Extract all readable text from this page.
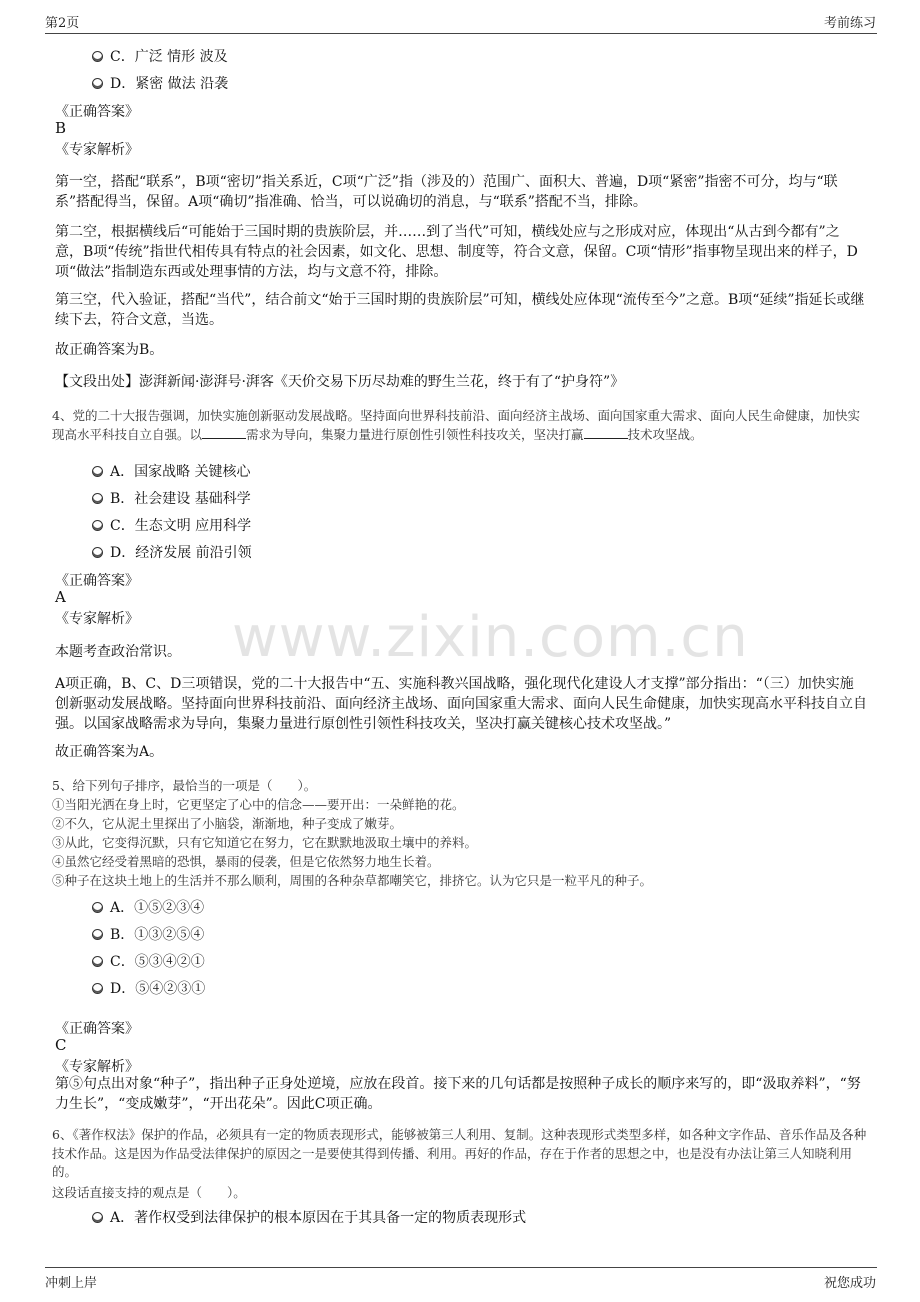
第2页	考前练习
冲刺上岸	祝您成功
www.zixin.com.cn
C．广泛 情形 波及
D．紧密 做法 沿袭
《正确答案》
B
《专家解析》
第一空，搭配“联系”，B项“密切”指关系近，C项“广泛”指（涉及的）范围广、面积大、普遍，D项“紧密”指密不可分，均与“联系”搭配得当，保留。A项“确切”指准确、恰当，可以说确切的消息，与“联系”搭配不当，排除。
第二空，根据横线后“可能始于三国时期的贵族阶层，并……到了当代”可知，横线处应与之形成对应，体现出“从古到今都有”之意，B项“传统”指世代相传具有特点的社会因素，如文化、思想、制度等，符合文意，保留。C项“情形”指事物呈现出来的样子，D项“做法”指制造东西或处理事情的方法，均与文意不符，排除。
第三空，代入验证，搭配“当代”，结合前文“始于三国时期的贵族阶层”可知，横线处应体现“流传至今”之意。B项“延续”指延长或继续下去，符合文意，当选。
故正确答案为B。
【文段出处】澎湃新闻·澎湃号·湃客《天价交易下历尽劫难的野生兰花，终于有了“护身符”》
4、党的二十大报告强调，加快实施创新驱动发展战略。坚持面向世界科技前沿、面向经济主战场、面向国家重大需求、面向人民生命健康，加快实现高水平科技自立自强。以	需求为导向，集聚力量进行原创性引领性科技攻关，坚决打赢	技术攻坚战。
A．国家战略 关键核心
B．社会建设 基础科学
C．生态文明 应用科学
D．经济发展 前沿引领
《正确答案》
A
《专家解析》
本题考查政治常识。
A项正确，B、C、D三项错误，党的二十大报告中“五、实施科教兴国战略，强化现代化建设人才支撑”部分指出：“（三）加快实施创新驱动发展战略。坚持面向世界科技前沿、面向经济主战场、面向国家重大需求、面向人民生命健康，加快实现高水平科技自立自强。以国家战略需求为导向，集聚力量进行原创性引领性科技攻关，坚决打赢关键核心技术攻坚战。”
故正确答案为A。
5、给下列句子排序，最恰当的一项是（　　）。
①当阳光洒在身上时，它更坚定了心中的信念——要开出：一朵鲜艳的花。
②不久，它从泥土里探出了小脑袋，渐渐地，种子变成了嫩芽。
③从此，它变得沉默，只有它知道它在努力，它在默默地汲取土壤中的养料。
④虽然它经受着黑暗的恐惧，暴雨的侵袭，但是它依然努力地生长着。
⑤种子在这块土地上的生活并不那么顺利，周围的各种杂草都嘲笑它，排挤它。认为它只是一粒平凡的种子。
A．①⑤②③④
B．①③②⑤④
C．⑤③④②①
D．⑤④②③①
《正确答案》
C
《专家解析》
第⑤句点出对象“种子”，指出种子正身处逆境，应放在段首。接下来的几句话都是按照种子成长的顺序来写的，即“汲取养料”，“努力生长”，“变成嫩芽”，“开出花朵”。因此C项正确。
6、《著作权法》保护的作品，必须具有一定的物质表现形式，能够被第三人利用、复制。这种表现形式类型多样，如各种文字作品、音乐作品及各种技术作品。这是因为作品受法律保护的原因之一是要使其得到传播、利用。再好的作品，存在于作者的思想之中，也是没有办法让第三人知晓利用的。
这段话直接支持的观点是（　　）。
A．著作权受到法律保护的根本原因在于其具备一定的物质表现形式
